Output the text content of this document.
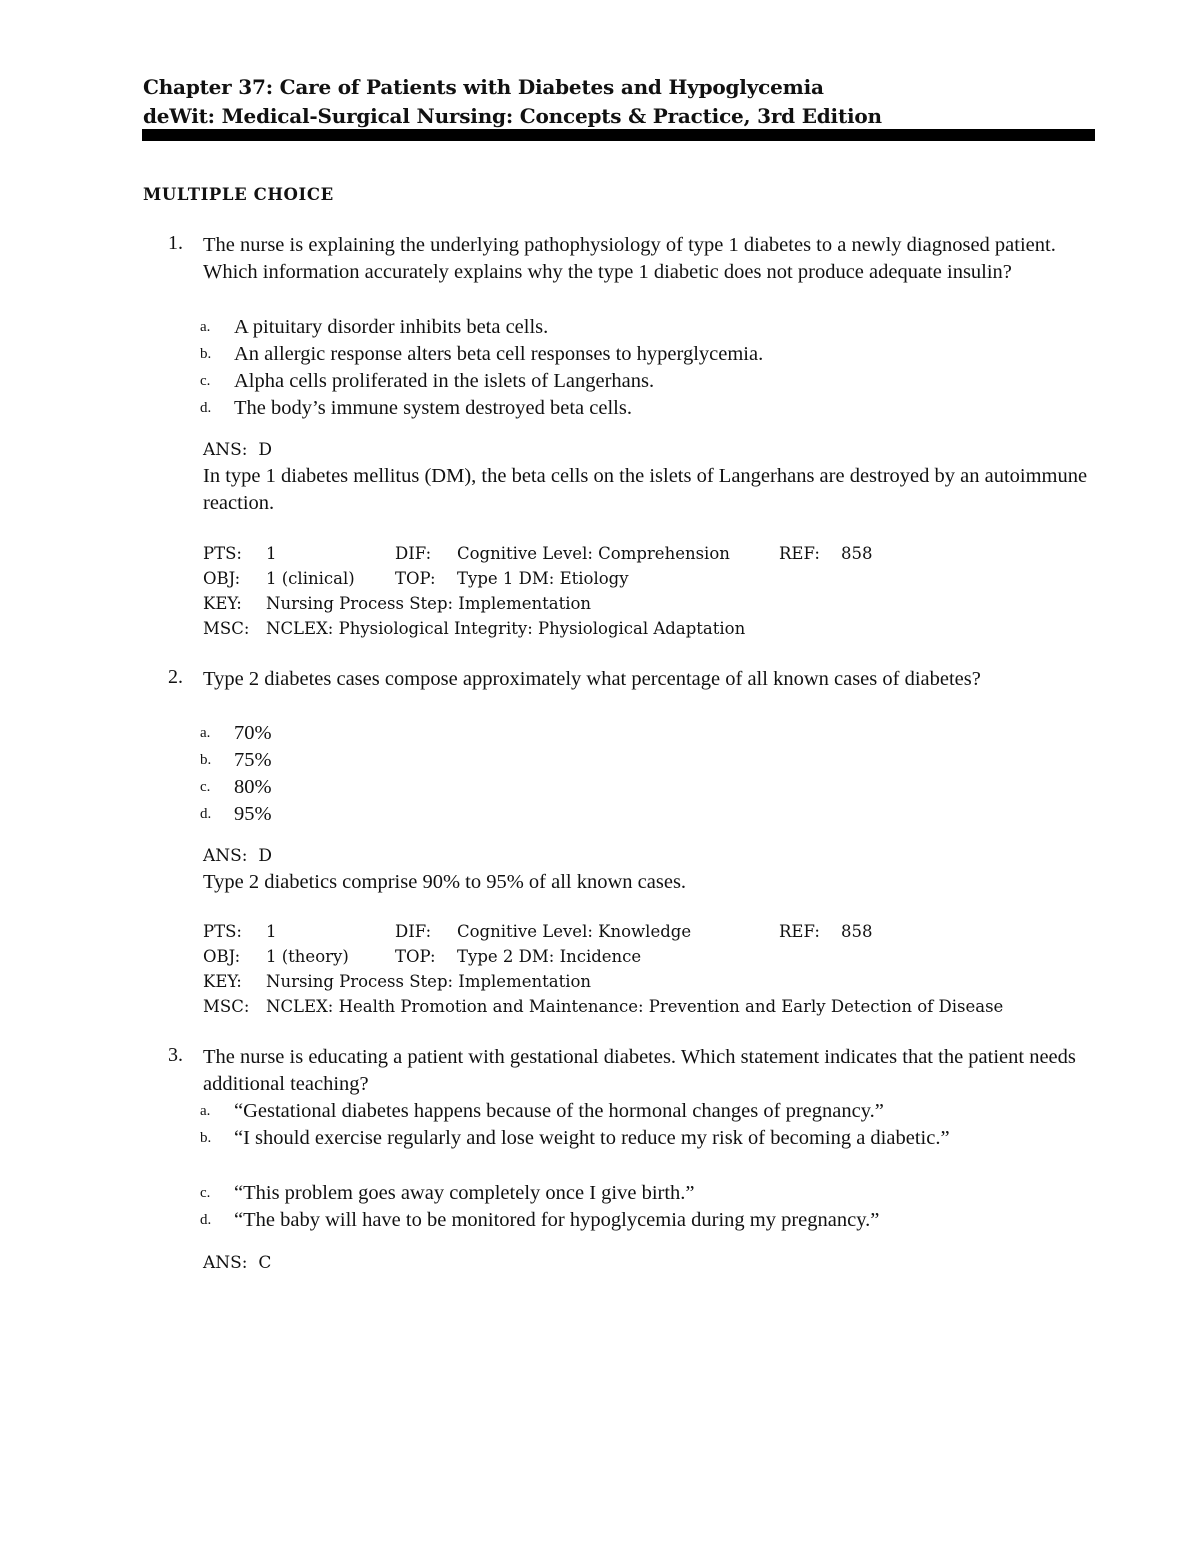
Chapter 37: Care of Patients with Diabetes and Hypoglycemia
deWit: Medical-Surgical Nursing: Concepts & Practice, 3rd Edition
MULTIPLE CHOICE
1. The nurse is explaining the underlying pathophysiology of type 1 diabetes to a newly diagnosed patient. Which information accurately explains why the type 1 diabetic does not produce adequate insulin?
a. A pituitary disorder inhibits beta cells.
b. An allergic response alters beta cell responses to hyperglycemia.
c. Alpha cells proliferated in the islets of Langerhans.
d. The body’s immune system destroyed beta cells.
ANS: D
In type 1 diabetes mellitus (DM), the beta cells on the islets of Langerhans are destroyed by an autoimmune reaction.
PTS: 1	DIF: Cognitive Level: Comprehension	REF: 858
OBJ: 1 (clinical) TOP: Type 1 DM: Etiology
KEY: Nursing Process Step: Implementation
MSC: NCLEX: Physiological Integrity: Physiological Adaptation
2. Type 2 diabetes cases compose approximately what percentage of all known cases of diabetes?
a. 70%
b. 75%
c. 80%
d. 95%
ANS: D
Type 2 diabetics comprise 90% to 95% of all known cases.
PTS: 1	DIF: Cognitive Level: Knowledge	REF: 858
OBJ: 1 (theory)	TOP: Type 2 DM: Incidence
KEY: Nursing Process Step: Implementation
MSC: NCLEX: Health Promotion and Maintenance: Prevention and Early Detection of Disease
3. The nurse is educating a patient with gestational diabetes. Which statement indicates that the patient needs additional teaching?
a. “Gestational diabetes happens because of the hormonal changes of pregnancy.”
b. “I should exercise regularly and lose weight to reduce my risk of becoming a diabetic.”
c. “This problem goes away completely once I give birth.”
d. “The baby will have to be monitored for hypoglycemia during my pregnancy.”
ANS: C
